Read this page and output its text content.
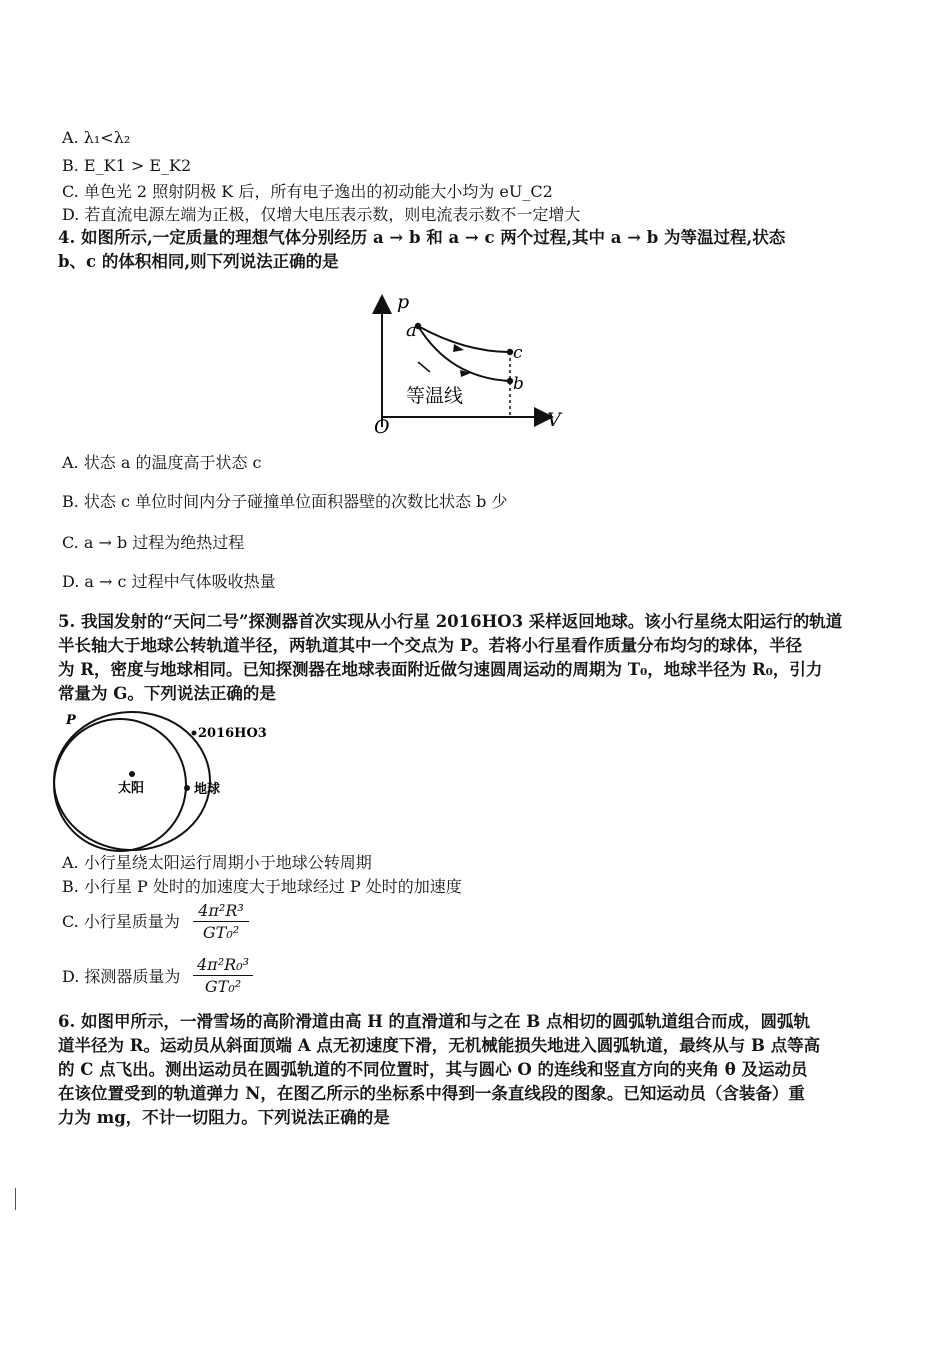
A. λ₁<λ₂
B. E_K1 > E_K2
C. 单色光 2 照射阴极 K 后，所有电子逸出的初动能大小均为 eU_C2
D. 若直流电源左端为正极，仅增大电压表示数，则电流表示数不一定增大
4. 如图所示,一定质量的理想气体分别经历 a → b 和 a → c 两个过程,其中 a → b 为等温过程,状态
b、c 的体积相同,则下列说法正确的是
p
V
O
a
c
b
等温线
A. 状态 a 的温度高于状态 c
B. 状态 c 单位时间内分子碰撞单位面积器壁的次数比状态 b 少
C. a → b 过程为绝热过程
D. a → c 过程中气体吸收热量
5. 我国发射的“天问二号”探测器首次实现从小行星 2016HO3 采样返回地球。该小行星绕太阳运行的轨道
半长轴大于地球公转轨道半径，两轨道其中一个交点为 P。若将小行星看作质量分布均匀的球体，半径
为 R，密度与地球相同。已知探测器在地球表面附近做匀速圆周运动的周期为 T₀，地球半径为 R₀，引力
常量为 G。下列说法正确的是
P
2016HO3
太阳	地球
A. 小行星绕太阳运行周期小于地球公转周期
B. 小行星 P 处时的加速度大于地球经过 P 处时的加速度
C. 小行星质量为 $\frac{\text{4π²R³}}{\text{GT₀²}}$
D. 探测器质量为 $\frac{\text{4π²R₀³}}{\text{GT₀²}}$
6. 如图甲所示，一滑雪场的高阶滑道由高 H 的直滑道和与之在 B 点相切的圆弧轨道组合而成，圆弧轨
道半径为 R。运动员从斜面顶端 A 点无初速度下滑，无机械能损失地进入圆弧轨道，最终从与 B 点等高
的 C 点飞出。测出运动员在圆弧轨道的不同位置时，其与圆心 O 的连线和竖直方向的夹角 θ 及运动员
在该位置受到的轨道弹力 N，在图乙所示的坐标系中得到一条直线段的图象。已知运动员（含装备）重
力为 mg，不计一切阻力。下列说法正确的是
